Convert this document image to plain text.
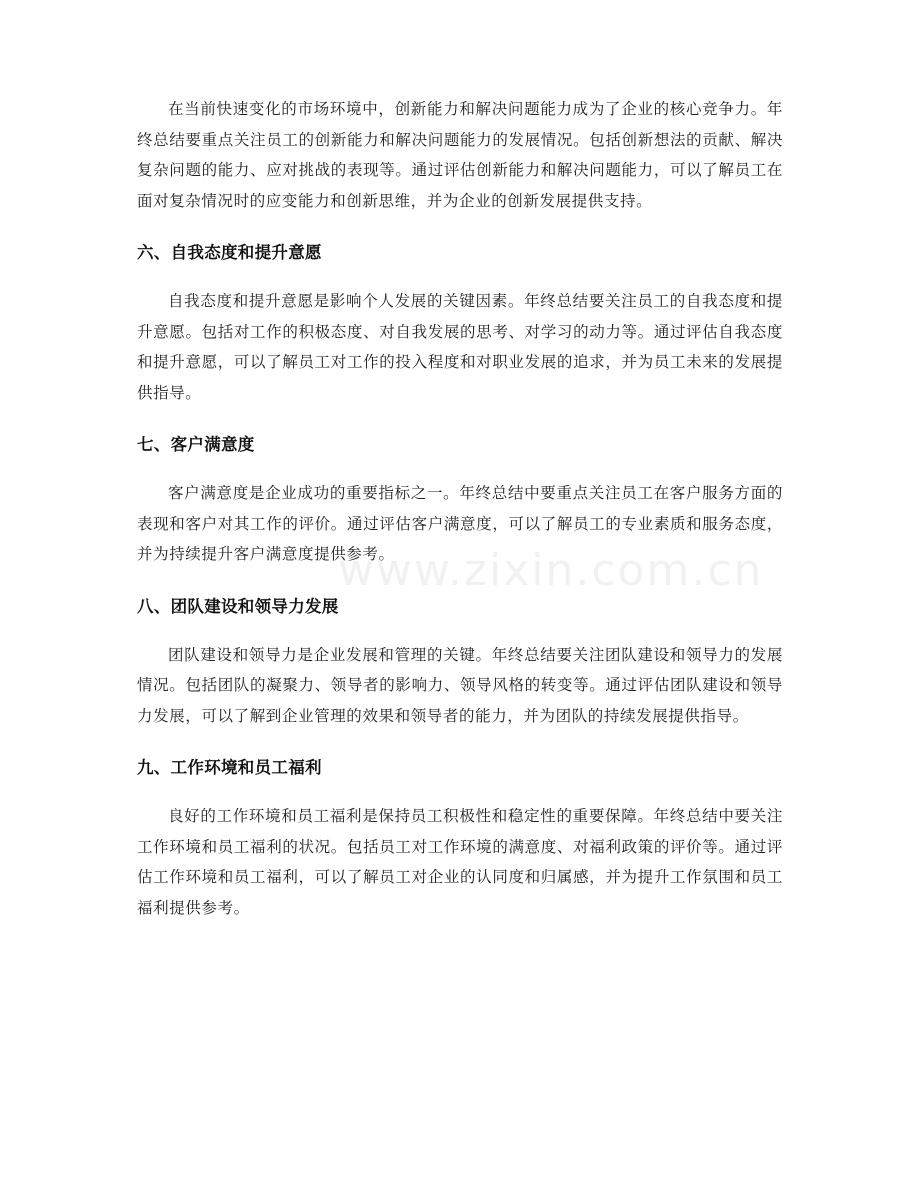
www.zixin.com.cn

在当前快速变化的市场环境中，创新能力和解决问题能力成为了企业的核心竞争力。年终总结要重点关注员工的创新能力和解决问题能力的发展情况。包括创新想法的贡献、解决复杂问题的能力、应对挑战的表现等。通过评估创新能力和解决问题能力，可以了解员工在面对复杂情况时的应变能力和创新思维，并为企业的创新发展提供支持。

六、自我态度和提升意愿

自我态度和提升意愿是影响个人发展的关键因素。年终总结要关注员工的自我态度和提升意愿。包括对工作的积极态度、对自我发展的思考、对学习的动力等。通过评估自我态度和提升意愿，可以了解员工对工作的投入程度和对职业发展的追求，并为员工未来的发展提供指导。

七、客户满意度

客户满意度是企业成功的重要指标之一。年终总结中要重点关注员工在客户服务方面的表现和客户对其工作的评价。通过评估客户满意度，可以了解员工的专业素质和服务态度，并为持续提升客户满意度提供参考。

八、团队建设和领导力发展

团队建设和领导力是企业发展和管理的关键。年终总结要关注团队建设和领导力的发展情况。包括团队的凝聚力、领导者的影响力、领导风格的转变等。通过评估团队建设和领导力发展，可以了解到企业管理的效果和领导者的能力，并为团队的持续发展提供指导。

九、工作环境和员工福利

良好的工作环境和员工福利是保持员工积极性和稳定性的重要保障。年终总结中要关注工作环境和员工福利的状况。包括员工对工作环境的满意度、对福利政策的评价等。通过评估工作环境和员工福利，可以了解员工对企业的认同度和归属感，并为提升工作氛围和员工福利提供参考。
